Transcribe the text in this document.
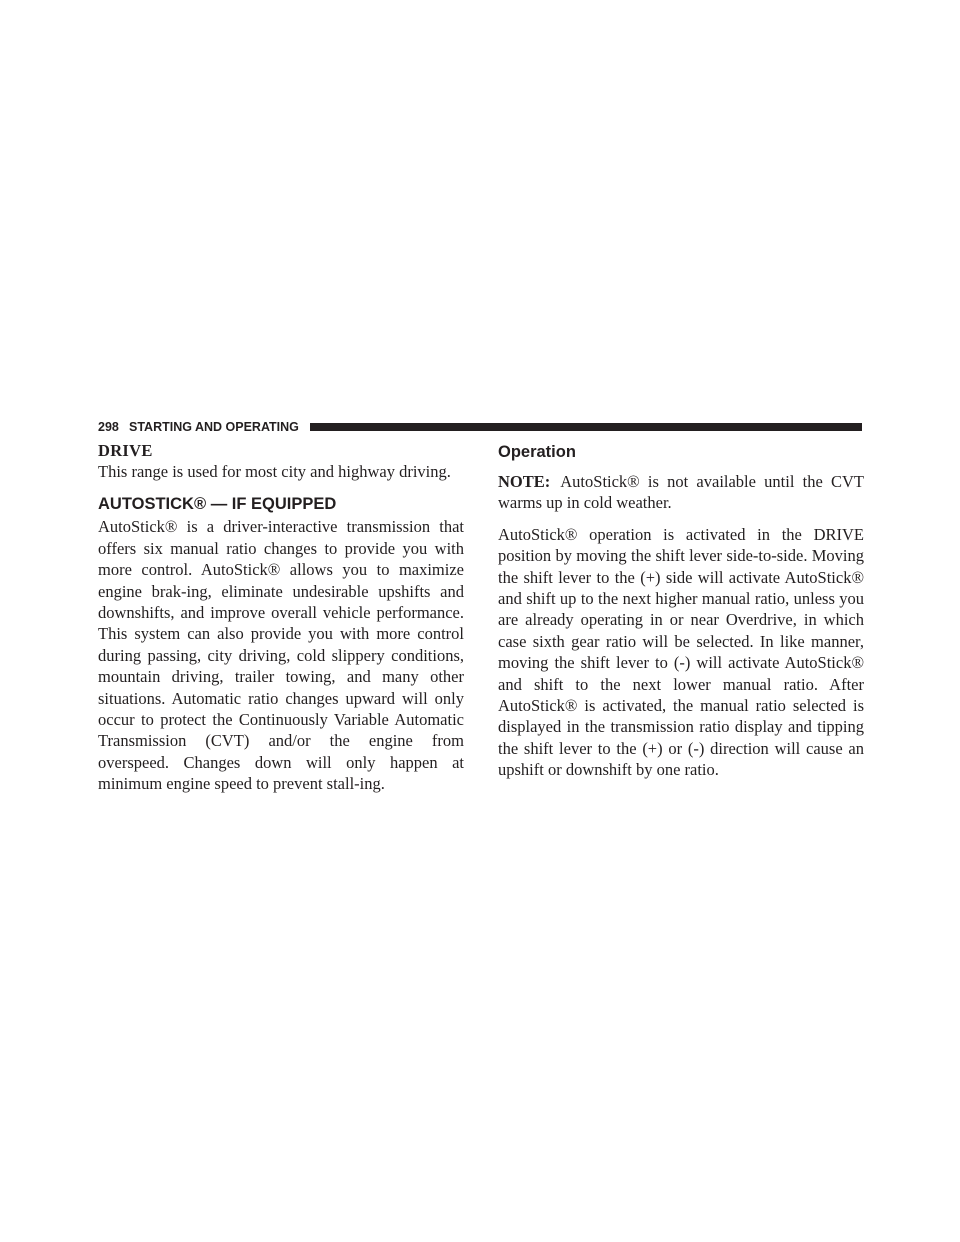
298 STARTING AND OPERATING

DRIVE

This range is used for most city and highway driving.

AUTOSTICK® — IF EQUIPPED

AutoStick® is a driver-interactive transmission that offers six manual ratio changes to provide you with more control. AutoStick® allows you to maximize engine brak-ing, eliminate undesirable upshifts and downshifts, and improve overall vehicle performance. This system can also provide you with more control during passing, city driving, cold slippery conditions, mountain driving, trailer towing, and many other situations. Automatic ratio changes upward will only occur to protect the Continuously Variable Automatic Transmission (CVT) and/or the engine from overspeed. Changes down will only happen at minimum engine speed to prevent stall-ing.

Operation

NOTE: AutoStick® is not available until the CVT warms up in cold weather.

AutoStick® operation is activated in the DRIVE position by moving the shift lever side-to-side. Moving the shift lever to the (+) side will activate AutoStick® and shift up to the next higher manual ratio, unless you are already operating in or near Overdrive, in which case sixth gear ratio will be selected. In like manner, moving the shift lever to (-) will activate AutoStick® and shift to the next lower manual ratio. After AutoStick® is activated, the manual ratio selected is displayed in the transmission ratio display and tipping the shift lever to the (+) or (-) direction will cause an upshift or downshift by one ratio.
